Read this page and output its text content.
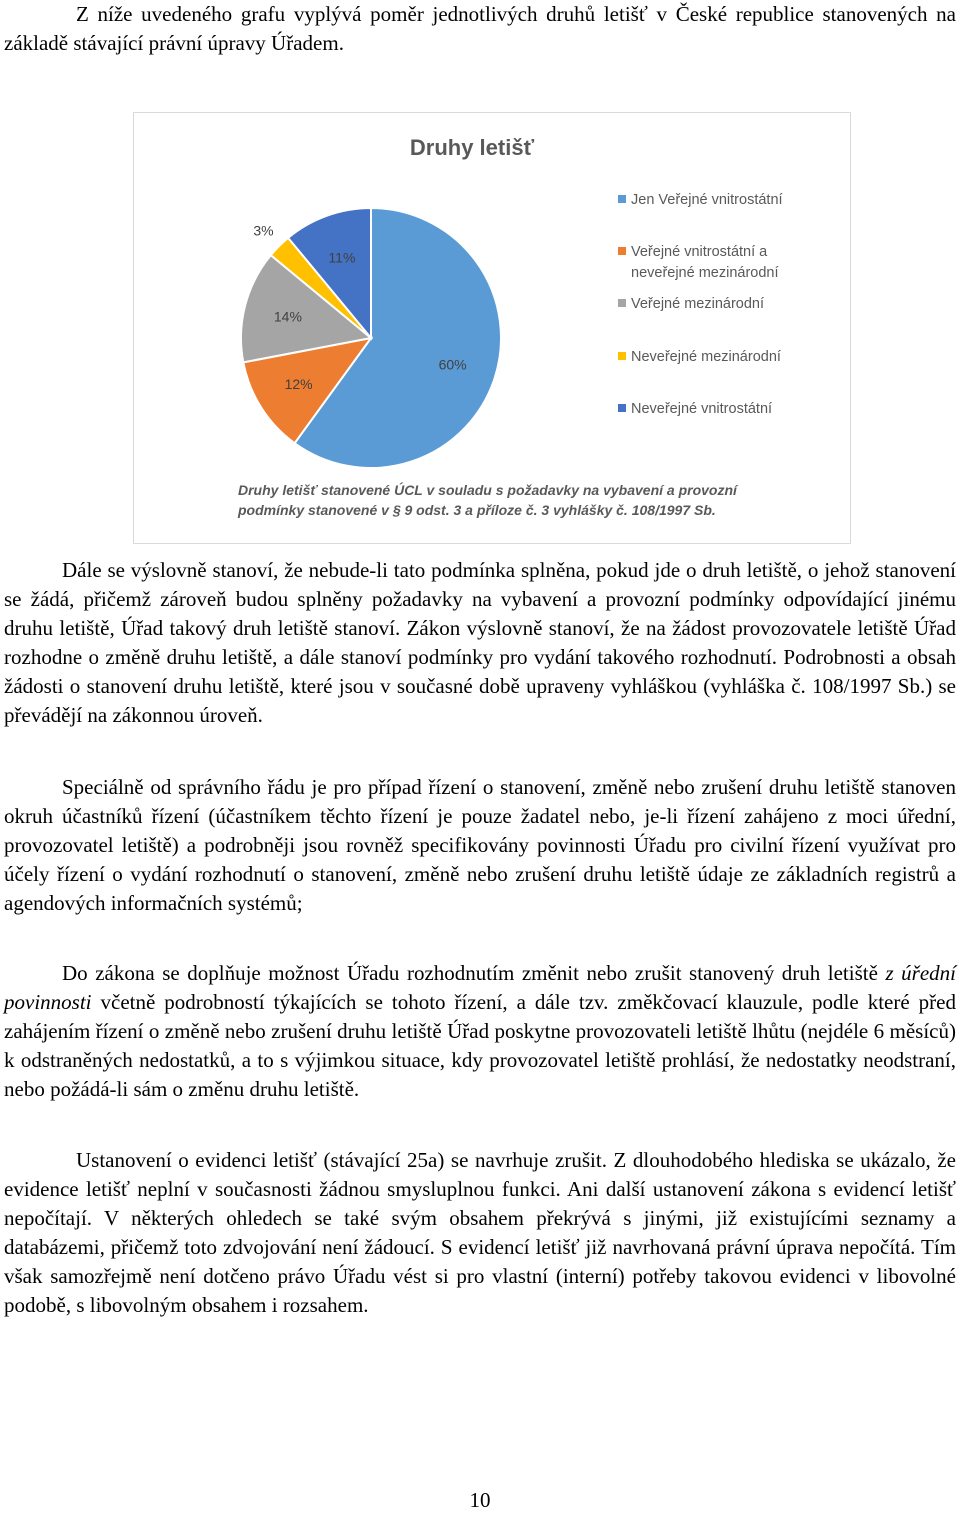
Z níže uvedeného grafu vyplývá poměr jednotlivých druhů letišť v České republice stanovených na základě stávající právní úpravy Úřadem.

Druhy letišť
60%
12%
14%
3%
11%
Jen Veřejné vnitrostátní
Veřejné vnitrostátní a
neveřejné mezinárodní
Veřejné mezinárodní
Neveřejné mezinárodní
Neveřejné vnitrostátní
Druhy letišť stanovené ÚCL v souladu s požadavky na vybavení a provozní
podmínky stanovené v § 9 odst. 3 a příloze č. 3 vyhlášky č. 108/1997 Sb.

Dále se výslovně stanoví, že nebude-li tato podmínka splněna, pokud jde o druh letiště, o jehož stanovení se žádá, přičemž zároveň budou splněny požadavky na vybavení a provozní podmínky odpovídající jinému druhu letiště, Úřad takový druh letiště stanoví. Zákon výslovně stanoví, že na žádost provozovatele letiště Úřad rozhodne o změně druhu letiště, a dále stanoví podmínky pro vydání takového rozhodnutí. Podrobnosti a obsah žádosti o stanovení druhu letiště, které jsou v současné době upraveny vyhláškou (vyhláška č. 108/1997 Sb.) se převádějí na zákonnou úroveň.

Speciálně od správního řádu je pro případ řízení o stanovení, změně nebo zrušení druhu letiště stanoven okruh účastníků řízení (účastníkem těchto řízení je pouze žadatel nebo, je-li řízení zahájeno z moci úřední, provozovatel letiště) a podrobněji jsou rovněž specifikovány povinnosti Úřadu pro civilní řízení využívat pro účely řízení o vydání rozhodnutí o stanovení, změně nebo zrušení druhu letiště údaje ze základních registrů a agendových informačních systémů;

Do zákona se doplňuje možnost Úřadu rozhodnutím změnit nebo zrušit stanovený druh letiště z úřední povinnosti včetně podrobností týkajících se tohoto řízení, a dále tzv. změkčovací klauzule, podle které před zahájením řízení o změně nebo zrušení druhu letiště Úřad poskytne provozovateli letiště lhůtu (nejdéle 6 měsíců) k odstraněných nedostatků, a to s výjimkou situace, kdy provozovatel letiště prohlásí, že nedostatky neodstraní, nebo požádá-li sám o změnu druhu letiště.

Ustanovení o evidenci letišť (stávající 25a) se navrhuje zrušit. Z dlouhodobého hlediska se ukázalo, že evidence letišť neplní v současnosti žádnou smysluplnou funkci. Ani další ustanovení zákona s evidencí letišť nepočítají. V některých ohledech se také svým obsahem překrývá s jinými, již existujícími seznamy a databázemi, přičemž toto zdvojování není žádoucí. S evidencí letišť již navrhovaná právní úprava nepočítá. Tím však samozřejmě není dotčeno právo Úřadu vést si pro vlastní (interní) potřeby takovou evidenci v libovolné podobě, s libovolným obsahem i rozsahem.

10
